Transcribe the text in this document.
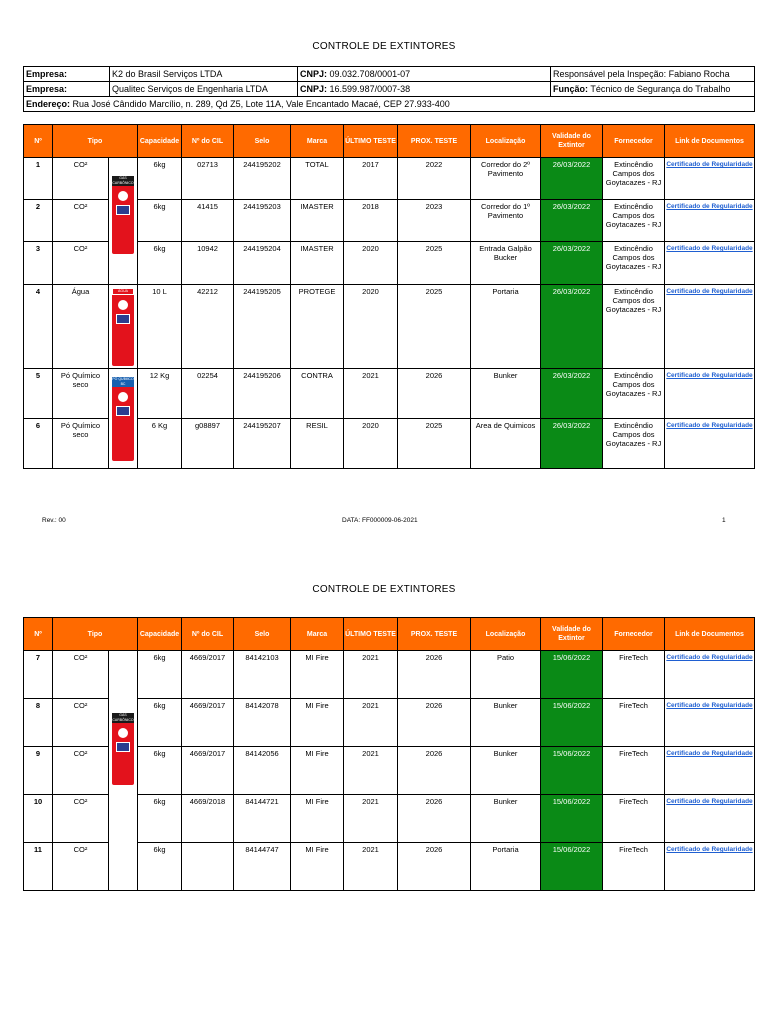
CONTROLE DE EXTINTORES
Empresa:	K2 do Brasil Serviços LTDA	CNPJ: 09.032.708/0001-07	Responsável pela Inspeção: Fabiano Rocha
Empresa:	Qualitec Serviços de Engenharia LTDA	CNPJ: 16.599.987/0007-38	Função: Técnico de Segurança do Trabalho
Endereço: Rua José Cândido Marcílio, n. 289, Qd Z5, Lote 11A, Vale Encantado Macaé, CEP 27.933-400			
Nº	Tipo		Capacidade	Nº do CIL	Selo	Marca	ÚLTIMO TESTE	PROX. TESTE	Localização	Validade do Extintor	Fornecedor	Link de Documentos
1	CO²	GÁS CARBÔNICO	6kg	02713	244195202	TOTAL	2017	2022	Corredor do 2º Pavimento	26/03/2022	Extincêndio Campos dos Goytacazes - RJ	Certificado de Regularidade

2	CO²		6kg	41415	244195203	IMASTER	2018	2023	Corredor do 1º Pavimento	26/03/2022	Extincêndio Campos dos Goytacazes - RJ	Certificado de Regularidade

3	CO²		6kg	10942	244195204	IMASTER	2020	2025	Entrada Galpão Bucker	26/03/2022	Extincêndio Campos dos Goytacazes - RJ	Certificado de Regularidade

4	Água	ÁGUA	10 L	42212	244195205	PROTEGE	2020	2025	Portaria	26/03/2022	Extincêndio Campos dos Goytacazes - RJ	Certificado de Regularidade

5	Pó Químico seco	PÓ QUÍMICO BC	12 Kg	02254	244195206	CONTRA	2021	2026	Bunker	26/03/2022	Extincêndio Campos dos Goytacazes - RJ	Certificado de Regularidade

6	Pó Químico seco		6 Kg	g08897	244195207	RESIL	2020	2025	Area de Quimicos	26/03/2022	Extincêndio Campos dos Goytacazes - RJ	Certificado de Regularidade
Rev.: 00	DATA: FF000009-06-2021	1
CONTROLE DE EXTINTORES
Nº	Tipo		Capacidade	Nº do CIL	Selo	Marca	ÚLTIMO TESTE	PROX. TESTE	Localização	Validade do Extintor	Fornecedor	Link de Documentos
7	CO²	GÁS CARBÔNICO	6kg	4669/2017	84142103	MI Fire	2021	2026	Patio	15/06/2022	FireTech	Certificado de Regularidade

8	CO²		6kg	4669/2017	84142078	MI Fire	2021	2026	Bunker	15/06/2022	FireTech	Certificado de Regularidade

9	CO²		6kg	4669/2017	84142056	MI Fire	2021	2026	Bunker	15/06/2022	FireTech	Certificado de Regularidade

10	CO²		6kg	4669/2018	84144721	MI Fire	2021	2026	Bunker	15/06/2022	FireTech	Certificado de Regularidade

11	CO²		6kg		84144747	MI Fire	2021	2026	Portaria	15/06/2022	FireTech	Certificado de Regularidade
